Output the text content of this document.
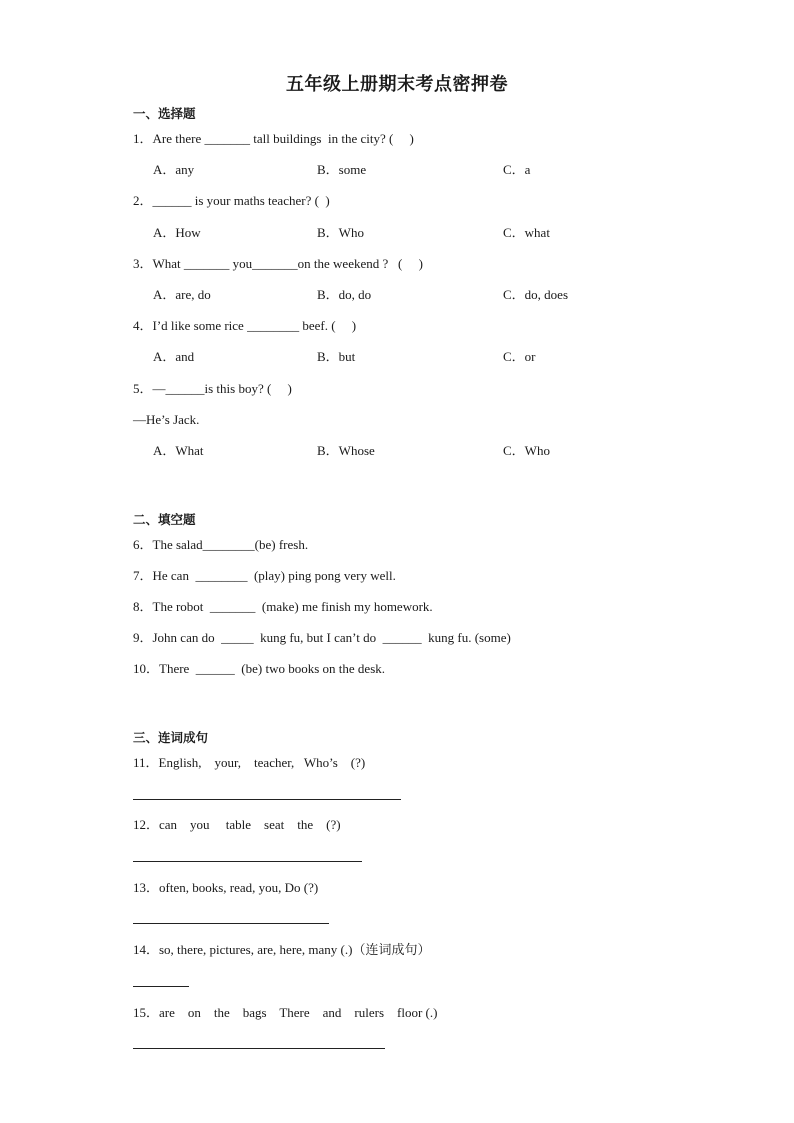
五年级上册期末考点密押卷
一、选择题
1．Are there _______ tall buildings  in the city? (     )
A．any	B．some	C．a
2．______ is your maths teacher? (  )
A．How	B．Who	C．what
3．What _______ you_______on the weekend ?   (     )
A．are, do	B．do, do	C．do, does
4．I’d like some rice ________ beef. (     )
A．and	B．but	C．or
5．—______is this boy? (     )
—He’s Jack.
A．What	B．Whose	C．Who
二、填空题
6．The salad________(be) fresh.
7．He can  ________  (play) ping pong very well.
8．The robot  _______  (make) me finish my homework.
9．John can do  _____  kung fu, but I can’t do  ______  kung fu. (some)
10．There  ______  (be) two books on the desk.
三、连词成句
11．English,    your,    teacher,   Who’s    (?)
12．can    you     table    seat    the    (?)
13．often, books, read, you, Do (?)
14．so, there, pictures, are, here, many (.)（连词成句）
15．are    on    the    bags    There    and    rulers    floor (.)
